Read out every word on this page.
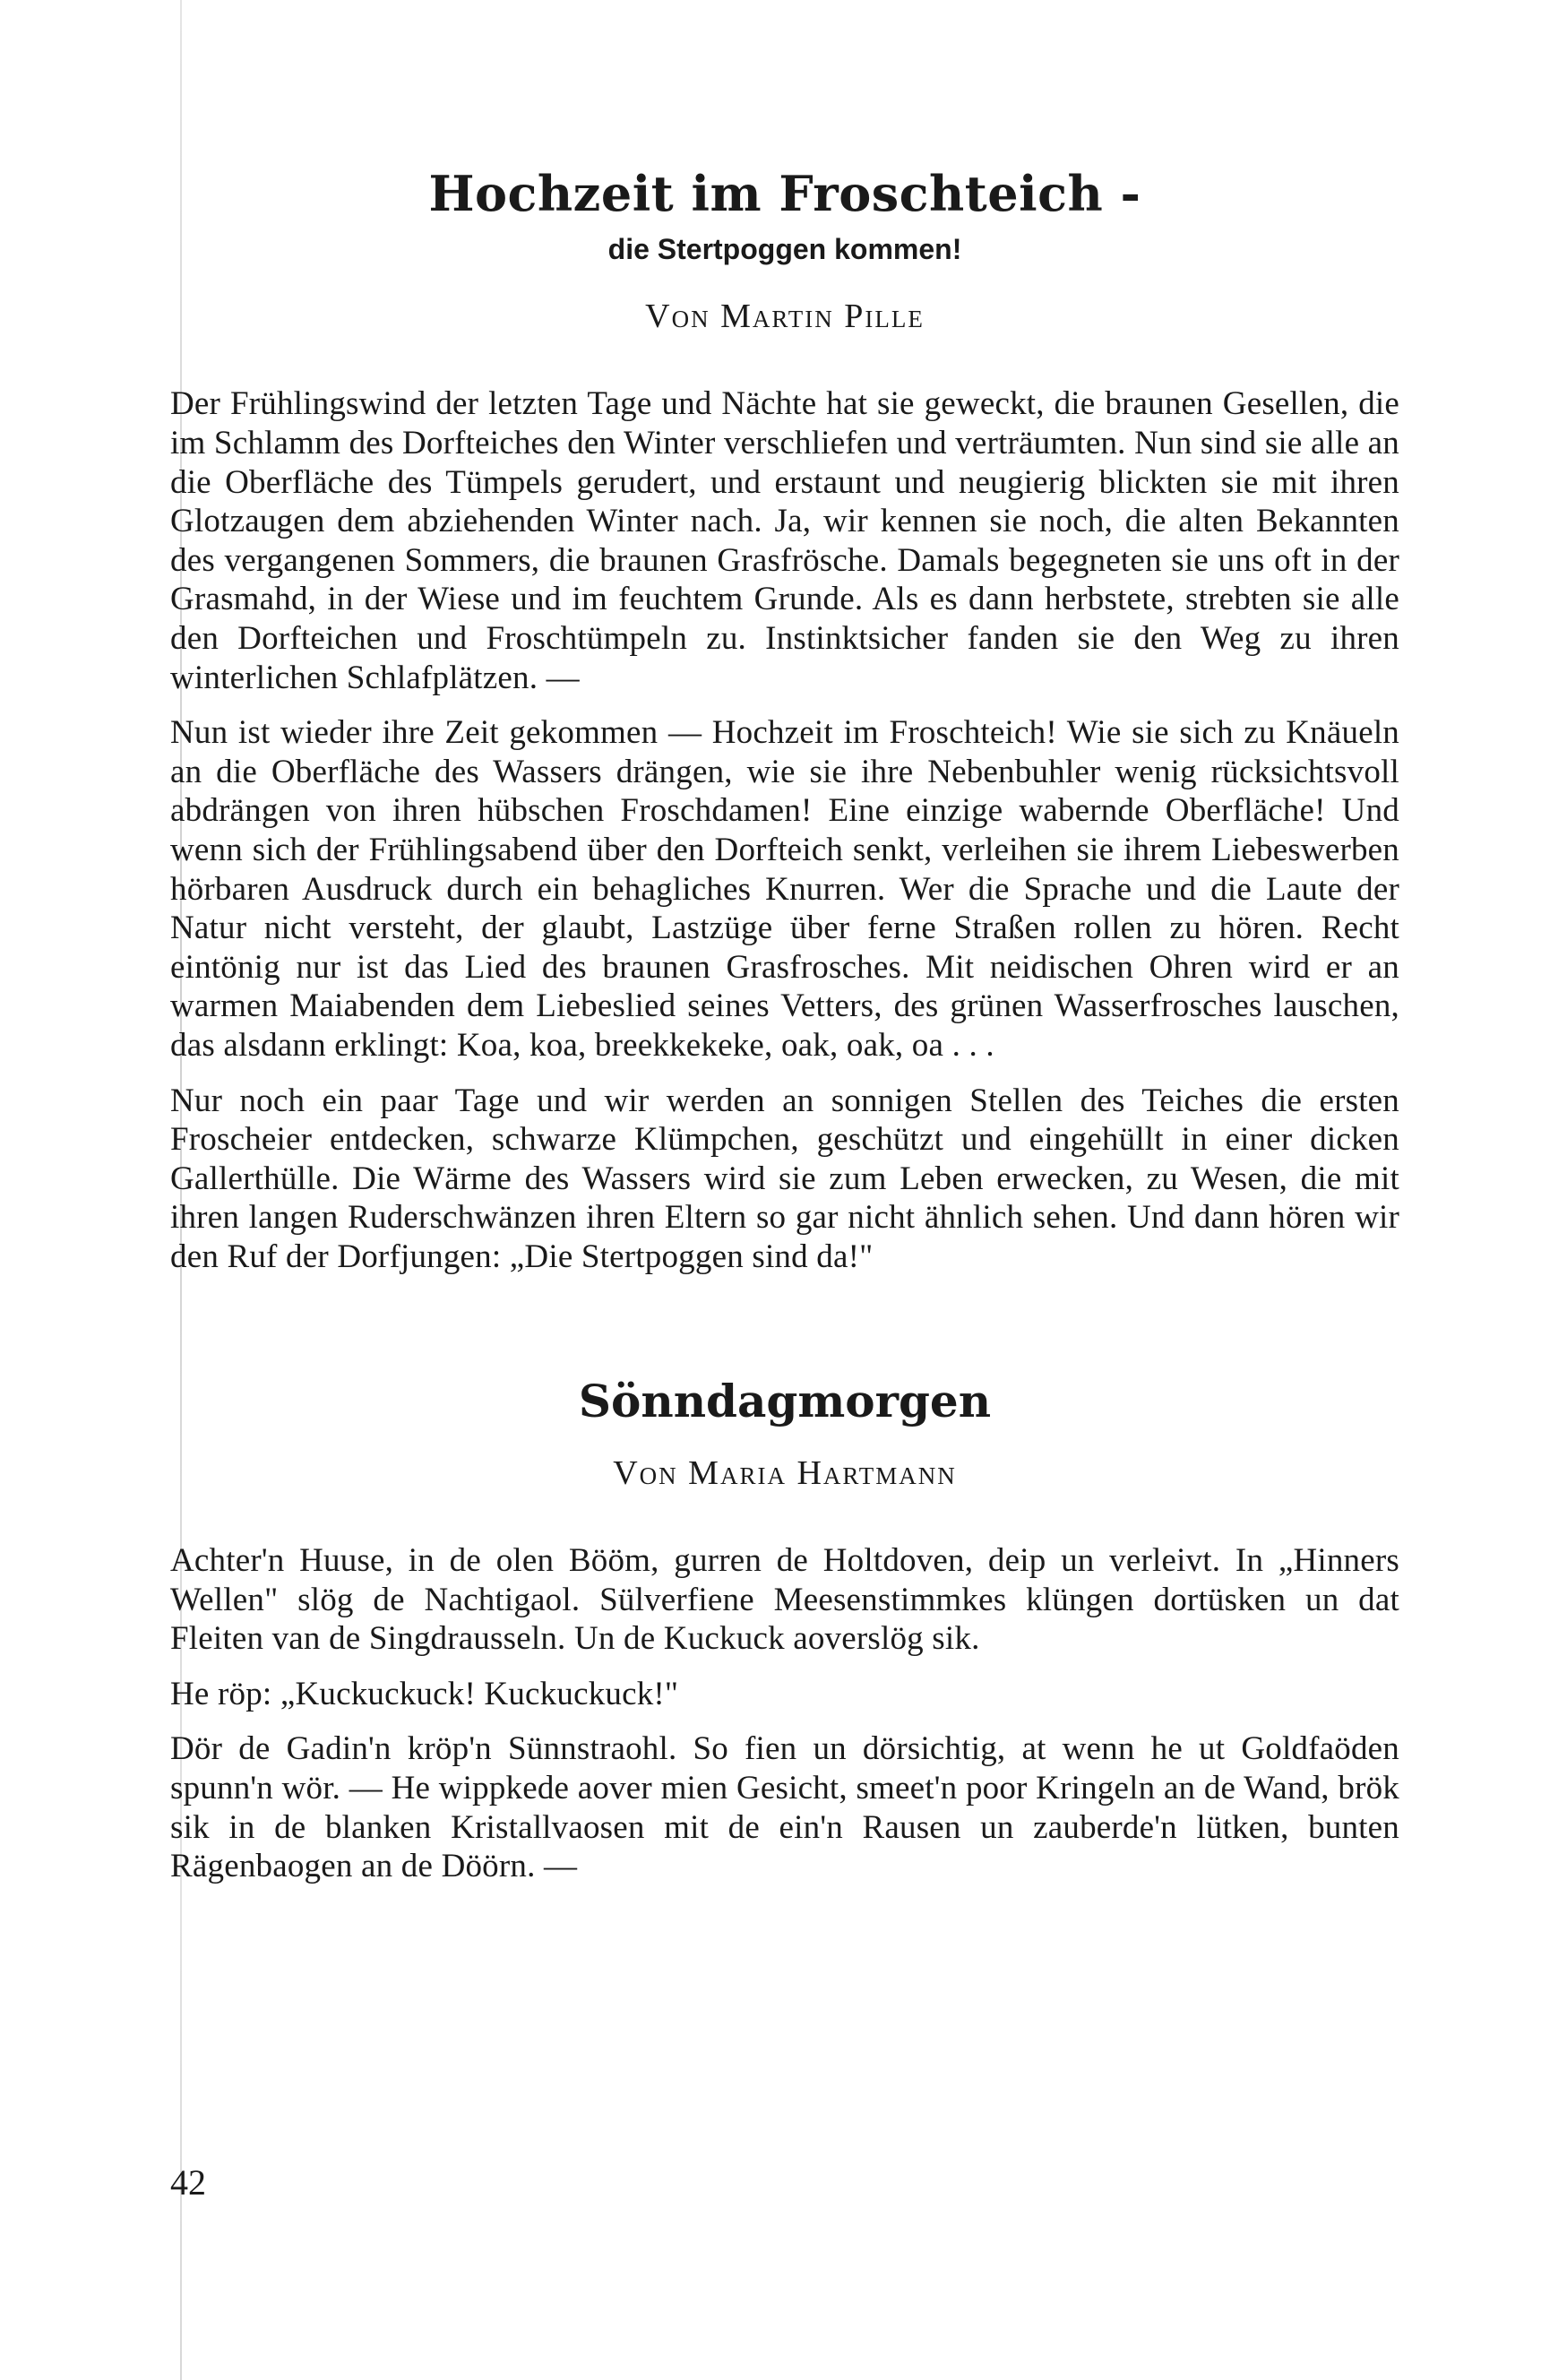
Hochzeit im Froschteich -
die Stertpoggen kommen!
Von Martin Pille

Der Frühlingswind der letzten Tage und Nächte hat sie geweckt, die braunen Gesellen, die im Schlamm des Dorfteiches den Winter verschliefen und verträumten. Nun sind sie alle an die Oberfläche des Tümpels gerudert, und erstaunt und neugierig blickten sie mit ihren Glotzaugen dem abziehenden Winter nach. Ja, wir kennen sie noch, die alten Bekannten des vergangenen Sommers, die braunen Grasfrösche. Damals begegneten sie uns oft in der Grasmahd, in der Wiese und im feuchtem Grunde. Als es dann herbstete, strebten sie alle den Dorfteichen und Froschtümpeln zu. Instinktsicher fanden sie den Weg zu ihren winterlichen Schlafplätzen. —

Nun ist wieder ihre Zeit gekommen — Hochzeit im Froschteich! Wie sie sich zu Knäueln an die Oberfläche des Wassers drängen, wie sie ihre Nebenbuhler wenig rücksichtsvoll abdrängen von ihren hübschen Froschdamen! Eine einzige wabernde Oberfläche! Und wenn sich der Frühlingsabend über den Dorfteich senkt, verleihen sie ihrem Liebeswerben hörbaren Ausdruck durch ein behagliches Knurren. Wer die Sprache und die Laute der Natur nicht versteht, der glaubt, Lastzüge über ferne Straßen rollen zu hören. Recht eintönig nur ist das Lied des braunen Grasfrosches. Mit neidischen Ohren wird er an warmen Maiabenden dem Liebeslied seines Vetters, des grünen Wasserfrosches lauschen, das alsdann erklingt: Koa, koa, breekkekeke, oak, oak, oa . . .

Nur noch ein paar Tage und wir werden an sonnigen Stellen des Teiches die ersten Froscheier entdecken, schwarze Klümpchen, geschützt und eingehüllt in einer dicken Gallerthülle. Die Wärme des Wassers wird sie zum Leben erwecken, zu Wesen, die mit ihren langen Ruderschwänzen ihren Eltern so gar nicht ähnlich sehen. Und dann hören wir den Ruf der Dorfjungen: „Die Stertpoggen sind da!"

Sönndagmorgen
Von Maria Hartmann

Achter'n Huuse, in de olen Bööm, gurren de Holtdoven, deip un verleivt. In „Hinners Wellen" slög de Nachtigaol. Sülverfiene Meesenstimmkes klüngen dortüsken un dat Fleiten van de Singdrausseln. Un de Kuckuck aoverslög sik.

He röp: „Kuckuckuck! Kuckuckuck!"

Dör de Gadin'n kröp'n Sünnstraohl. So fien un dörsichtig, at wenn he ut Goldfaöden spunn'n wör. — He wippkede aover mien Gesicht, smeet'n poor Kringeln an de Wand, brök sik in de blanken Kristallvaosen mit de ein'n Rausen un zauberde'n lütken, bunten Rägenbaogen an de Döörn. —

42
